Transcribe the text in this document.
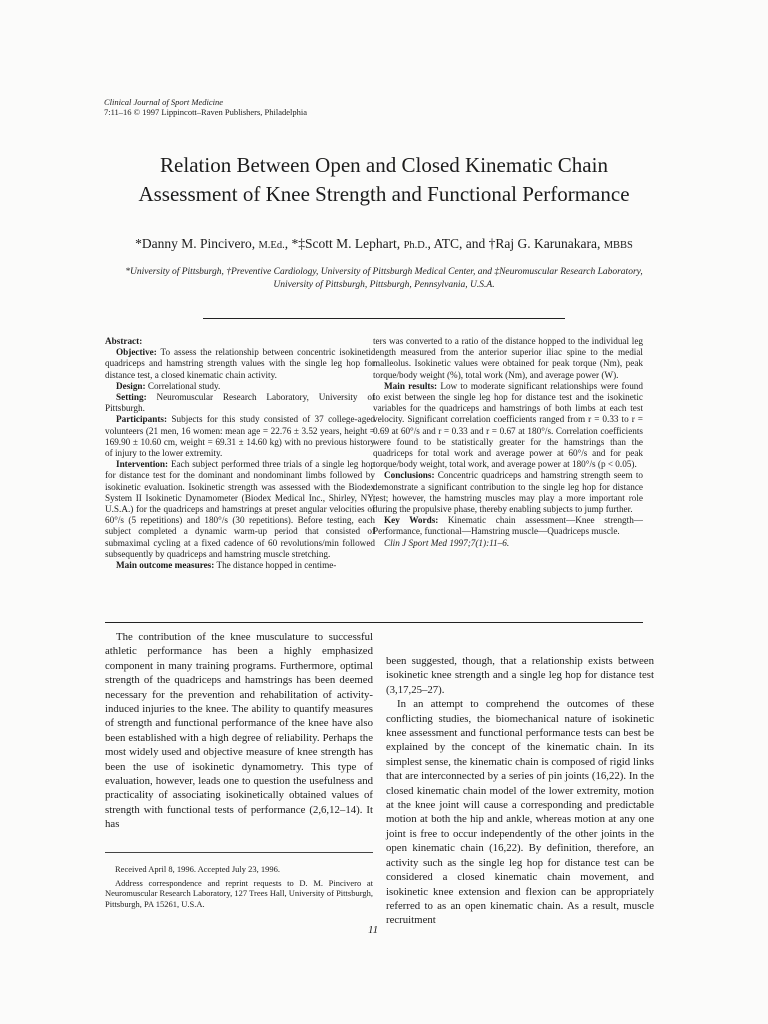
Clinical Journal of Sport Medicine
7:11–16 © 1997 Lippincott–Raven Publishers, Philadelphia
Relation Between Open and Closed Kinematic Chain
Assessment of Knee Strength and Functional Performance
*Danny M. Pincivero, M.Ed., *‡Scott M. Lephart, Ph.D., ATC, and †Raj G. Karunakara, MBBS
*University of Pittsburgh, †Preventive Cardiology, University of Pittsburgh Medical Center, and ‡Neuromuscular Research Laboratory, University of Pittsburgh, Pittsburgh, Pennsylvania, U.S.A.

Abstract:

Objective: To assess the relationship between concentric isokinetic quadriceps and hamstring strength values with the single leg hop for distance test, a closed kinematic chain activity.

Design: Correlational study.

Setting: Neuromuscular Research Laboratory, University of Pittsburgh.

Participants: Subjects for this study consisted of 37 college-aged volunteers (21 men, 16 women: mean age = 22.76 ± 3.52 years, height = 169.90 ± 10.60 cm, weight = 69.31 ± 14.60 kg) with no previous history of injury to the lower extremity.

Intervention: Each subject performed three trials of a single leg hop for distance test for the dominant and nondominant limbs followed by isokinetic evaluation. Isokinetic strength was assessed with the Biodex System II Isokinetic Dynamometer (Biodex Medical Inc., Shirley, NY, U.S.A.) for the quadriceps and hamstrings at preset angular velocities of 60°/s (5 repetitions) and 180°/s (30 repetitions). Before testing, each subject completed a dynamic warm-up period that consisted of submaximal cycling at a fixed cadence of 60 revolutions/min followed subsequently by quadriceps and hamstring muscle stretching.

Main outcome measures: The distance hopped in centime-

ters was converted to a ratio of the distance hopped to the individual leg length measured from the anterior superior iliac spine to the medial malleolus. Isokinetic values were obtained for peak torque (Nm), peak torque/body weight (%), total work (Nm), and average power (W).

Main results: Low to moderate significant relationships were found to exist between the single leg hop for distance test and the isokinetic variables for the quadriceps and hamstrings of both limbs at each test velocity. Significant correlation coefficients ranged from r = 0.33 to r = 0.69 at 60°/s and r = 0.33 and r = 0.67 at 180°/s. Correlation coefficients were found to be statistically greater for the hamstrings than the quadriceps for total work and average power at 60°/s and for peak torque/body weight, total work, and average power at 180°/s (p < 0.05).

Conclusions: Concentric quadriceps and hamstring strength seem to demonstrate a significant contribution to the single leg hop for distance test; however, the hamstring muscles may play a more important role during the propulsive phase, thereby enabling subjects to jump further.

Key Words: Kinematic chain assessment—Knee strength—Performance, functional—Hamstring muscle—Quadriceps muscle.

Clin J Sport Med 1997;7(1):11–6.

The contribution of the knee musculature to successful athletic performance has been a highly emphasized component in many training programs. Furthermore, optimal strength of the quadriceps and hamstrings has been deemed necessary for the prevention and rehabilitation of activity-induced injuries to the knee. The ability to quantify measures of strength and functional performance of the knee have also been established with a high degree of reliability. Perhaps the most widely used and objective measure of knee strength has been the use of isokinetic dynamometry. This type of evaluation, however, leads one to question the usefulness and practicality of associating isokinetically obtained values of strength with functional tests of performance (2,6,12–14). It has

been suggested, though, that a relationship exists between isokinetic knee strength and a single leg hop for distance test (3,17,25–27).

In an attempt to comprehend the outcomes of these conflicting studies, the biomechanical nature of isokinetic knee assessment and functional performance tests can best be explained by the concept of the kinematic chain. In its simplest sense, the kinematic chain is composed of rigid links that are interconnected by a series of pin joints (16,22). In the closed kinematic chain model of the lower extremity, motion at the knee joint will cause a corresponding and predictable motion at both the hip and ankle, whereas motion at any one joint is free to occur independently of the other joints in the open kinematic chain (16,22). By definition, therefore, an activity such as the single leg hop for distance test can be considered a closed kinematic chain movement, and isokinetic knee extension and flexion can be appropriately referred to as an open kinematic chain. As a result, muscle recruitment

Received April 8, 1996. Accepted July 23, 1996.

Address correspondence and reprint requests to D. M. Pincivero at Neuromuscular Research Laboratory, 127 Trees Hall, University of Pittsburgh, Pittsburgh, PA 15261, U.S.A.

11
